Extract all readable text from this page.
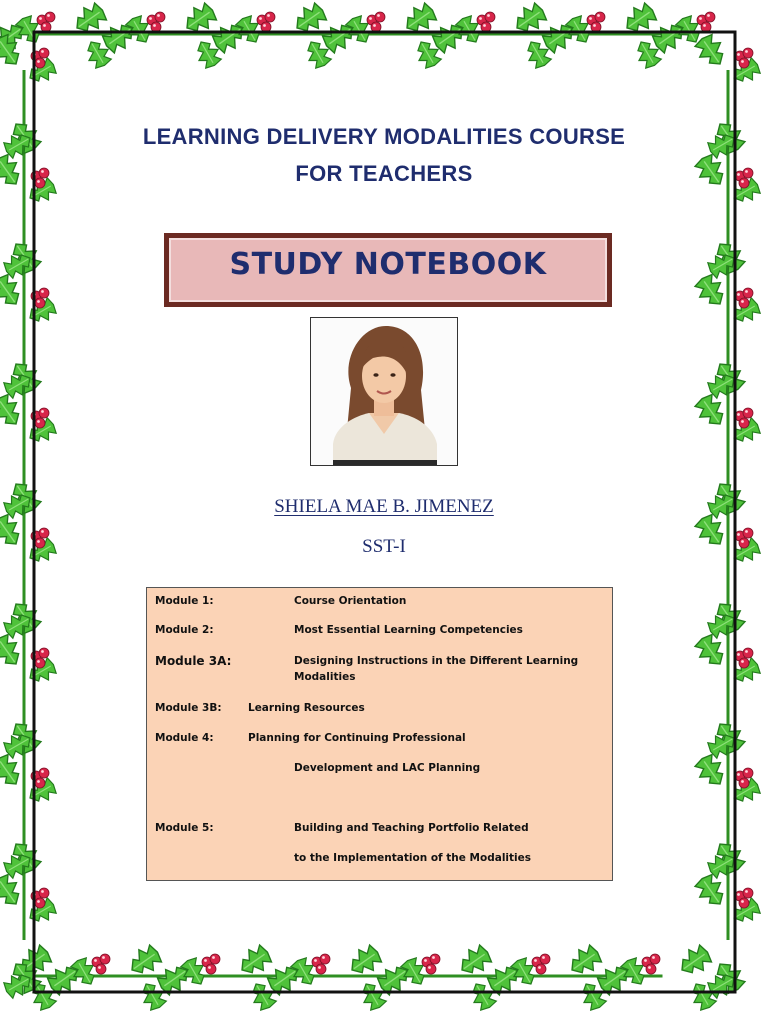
LEARNING DELIVERY MODALITIES COURSE
FOR TEACHERS
STUDY NOTEBOOK
SHIELA MAE B. JIMENEZ
SST-I
Module 1:	Course Orientation
Module 2:	Most Essential Learning Competencies
Module 3A:	Designing Instructions in the Different Learning Modalities
Module 3B:	Learning Resources
Module 4:	Planning for Continuing Professional
Development and LAC Planning
Module 5:	Building and Teaching Portfolio Related
to the Implementation of the Modalities
